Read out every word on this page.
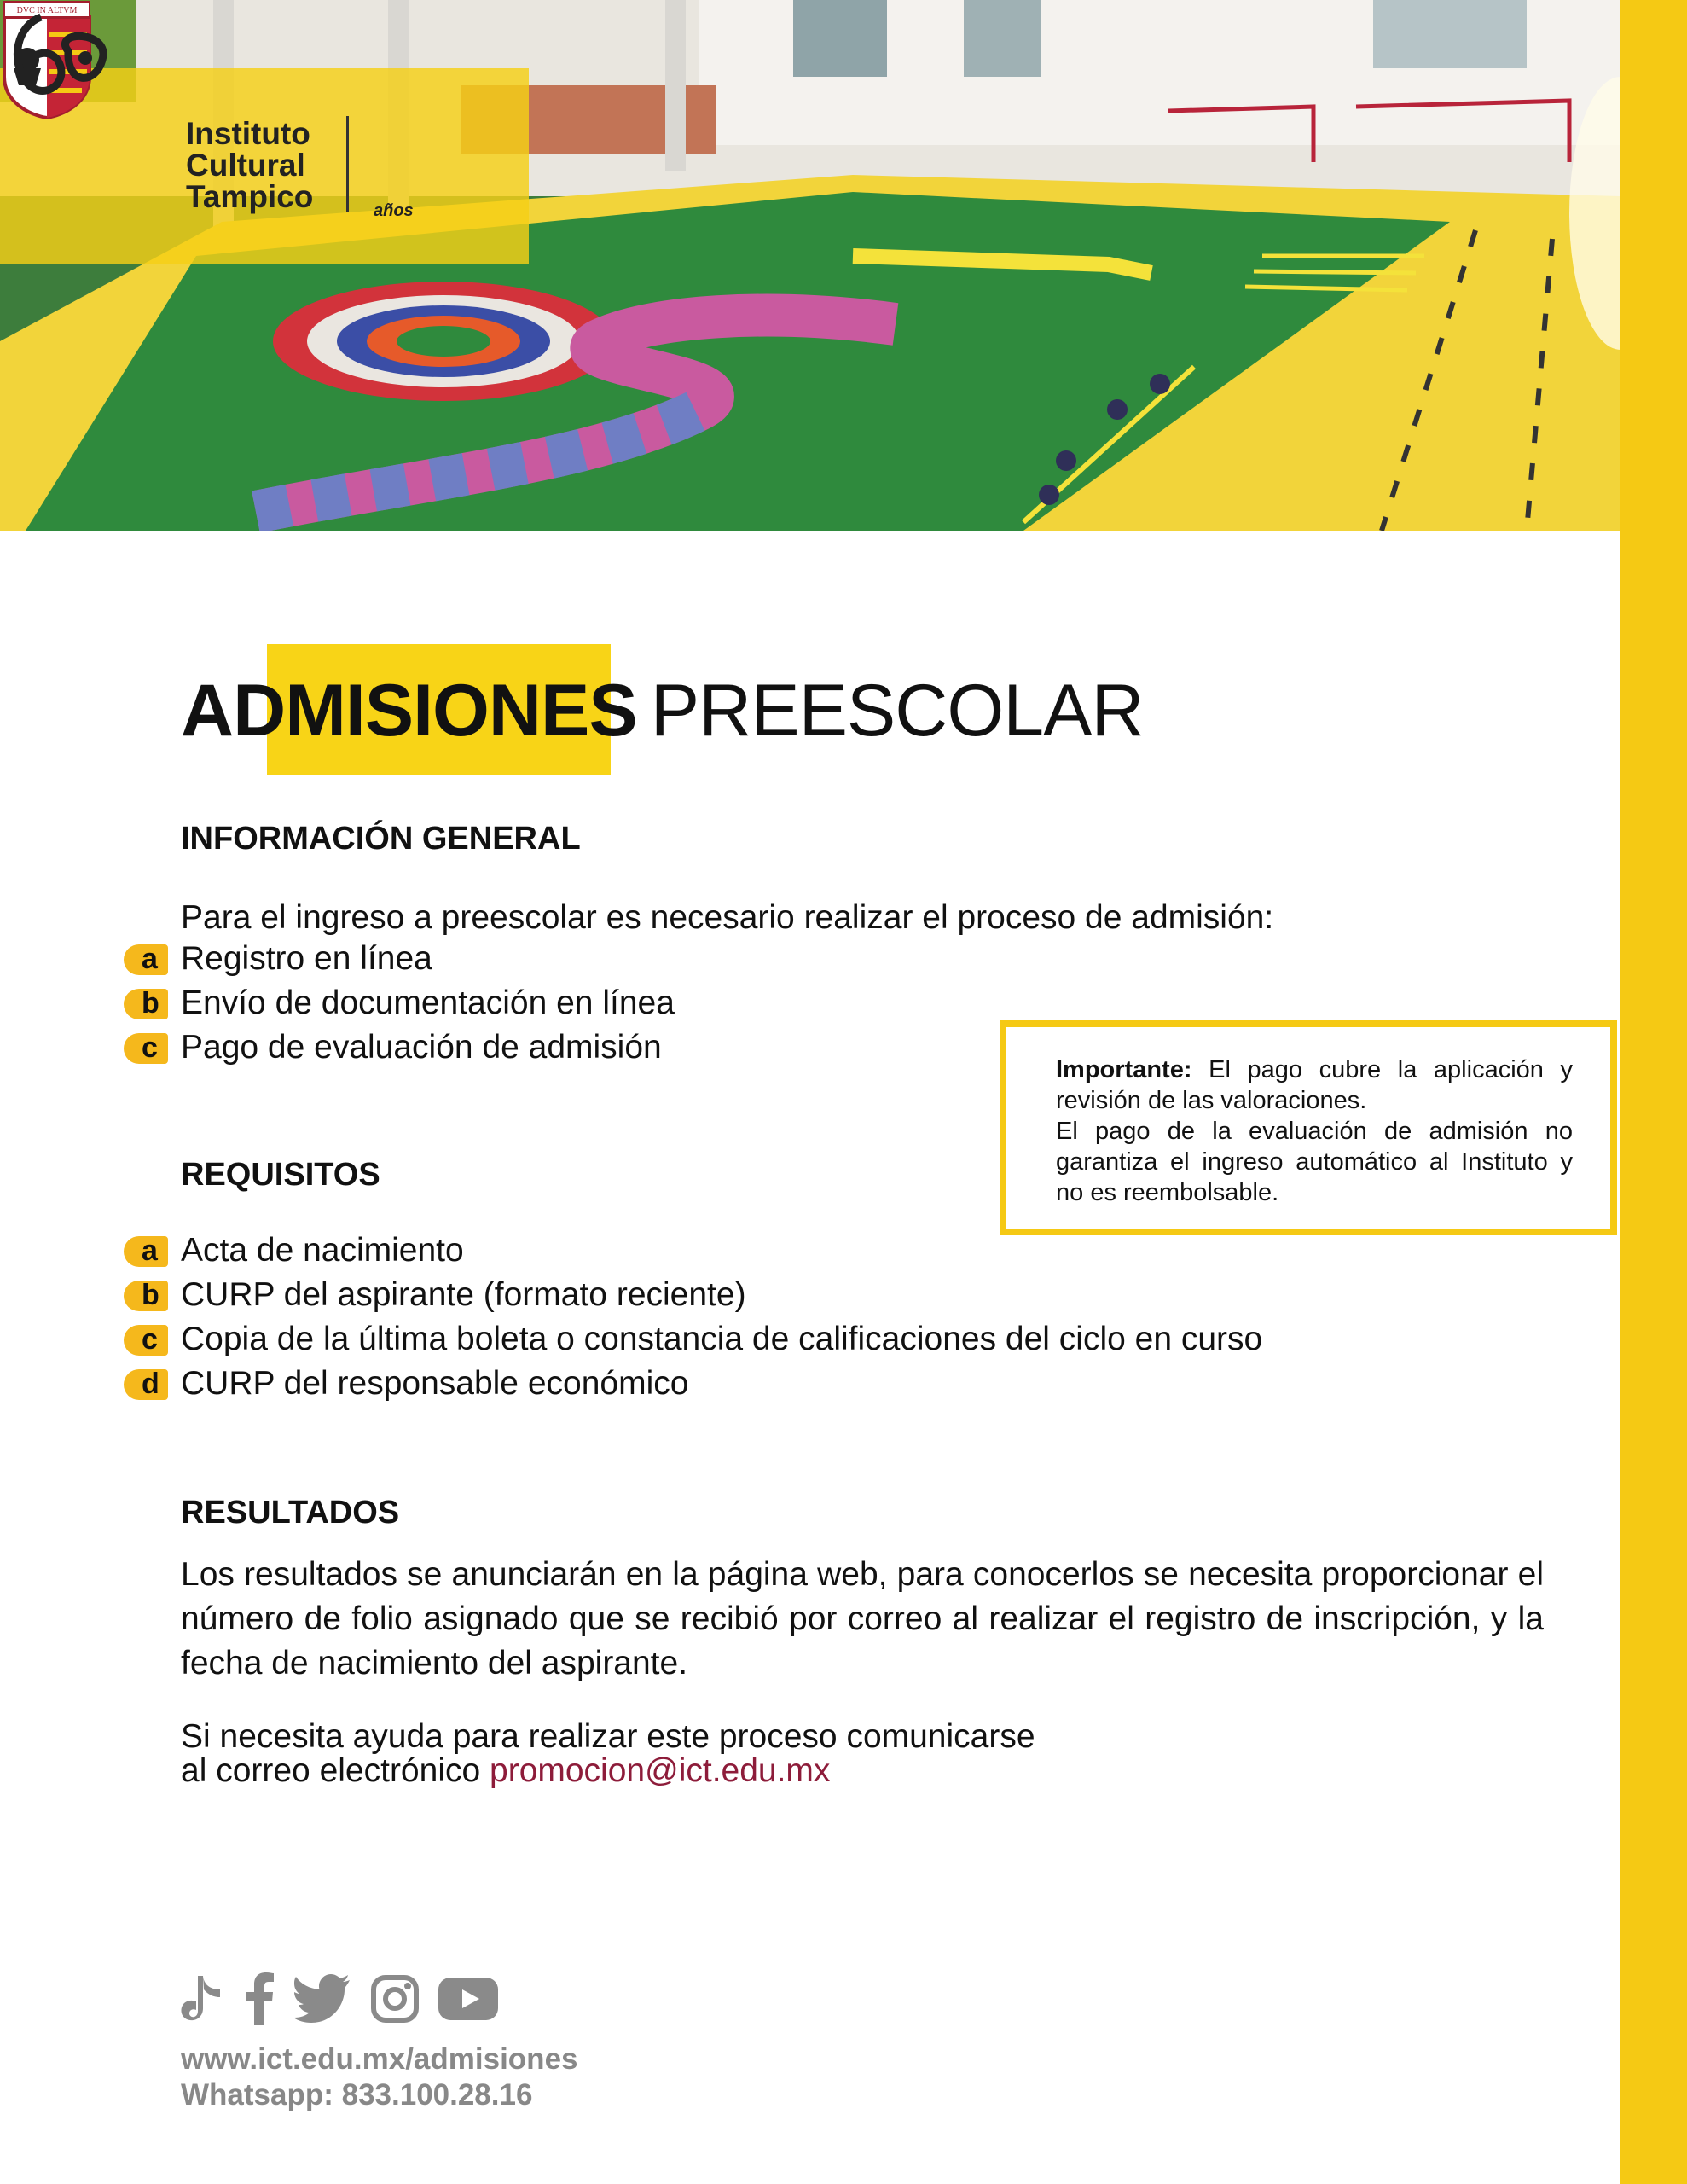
DVC IN ALTVM
Instituto
Cultural
Tampico	años
ADMISIONES PREESCOLAR
INFORMACIÓN GENERAL
Para el ingreso a preescolar es necesario realizar el proceso de admisión:
a Registro en línea
b Envío de documentación en línea
c Pago de evaluación de admisión
Importante: El pago cubre la aplicación y revisión de las valoraciones.
El pago de la evaluación de admisión no garantiza el ingreso automático al Instituto y no es reembolsable.
REQUISITOS
a Acta de nacimiento
b CURP del aspirante (formato reciente)
c Copia de la última boleta o constancia de calificaciones del ciclo en curso
d CURP del responsable económico
RESULTADOS
Los resultados se anunciarán en la página web, para conocerlos se necesita proporcionar el número de folio asignado que se recibió por correo al realizar el registro de inscripción, y la fecha de nacimiento del aspirante.
Si necesita ayuda para realizar este proceso comunicarse
al correo electrónico promocion@ict.edu.mx
www.ict.edu.mx/admisiones
Whatsapp: 833.100.28.16
